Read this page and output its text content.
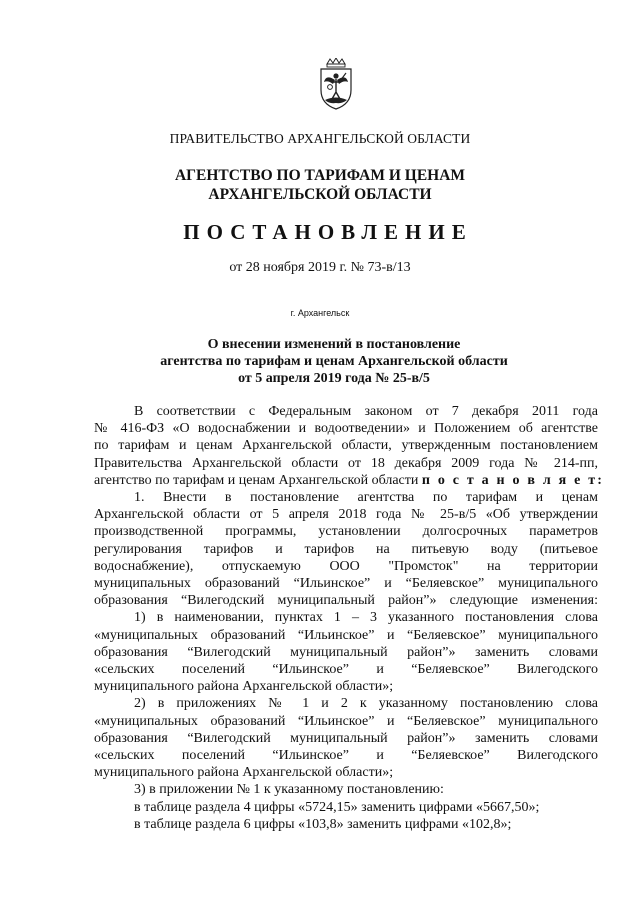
ПРАВИТЕЛЬСТВО АРХАНГЕЛЬСКОЙ ОБЛАСТИ
АГЕНТСТВО ПО ТАРИФАМ И ЦЕНАМ
АРХАНГЕЛЬСКОЙ ОБЛАСТИ
ПОСТАНОВЛЕНИЕ
от 28 ноября 2019 г. № 73-в/13
г. Архангельск
О внесении изменений в постановление
агентства по тарифам и ценам Архангельской области
от 5 апреля 2019 года № 25-в/5
В соответствии с Федеральным законом от 7 декабря 2011 года
№ 416-ФЗ «О водоснабжении и водоотведении» и Положением об агентстве
по тарифам и ценам Архангельской области, утвержденным постановлением
Правительства Архангельской области от 18 декабря 2009 года № 214-пп,
агентство по тарифам и ценам Архангельской области п о с т а н о в л я е т:
1. Внести в постановление агентства по тарифам и ценам
Архангельской области от 5 апреля 2018 года № 25-в/5 «Об утверждении
производственной программы, установлении долгосрочных параметров
регулирования тарифов и тарифов на питьевую воду (питьевое
водоснабжение), отпускаемую ООО "Промсток" на территории
муниципальных образований “Ильинское” и “Беляевское” муниципального
образования “Вилегодский муниципальный район”» следующие изменения:
1) в наименовании, пунктах 1 – 3 указанного постановления слова
«муниципальных образований “Ильинское” и “Беляевское” муниципального
образования “Вилегодский муниципальный район”» заменить словами
«сельских поселений “Ильинское” и “Беляевское” Вилегодского
муниципального района Архангельской области»;
2) в приложениях № 1 и 2 к указанному постановлению слова
«муниципальных образований “Ильинское” и “Беляевское” муниципального
образования “Вилегодский муниципальный район”» заменить словами
«сельских поселений “Ильинское” и “Беляевское” Вилегодского
муниципального района Архангельской области»;
3) в приложении № 1 к указанному постановлению:
в таблице раздела 4 цифры «5724,15» заменить цифрами «5667,50»;
в таблице раздела 6 цифры «103,8» заменить цифрами «102,8»;
